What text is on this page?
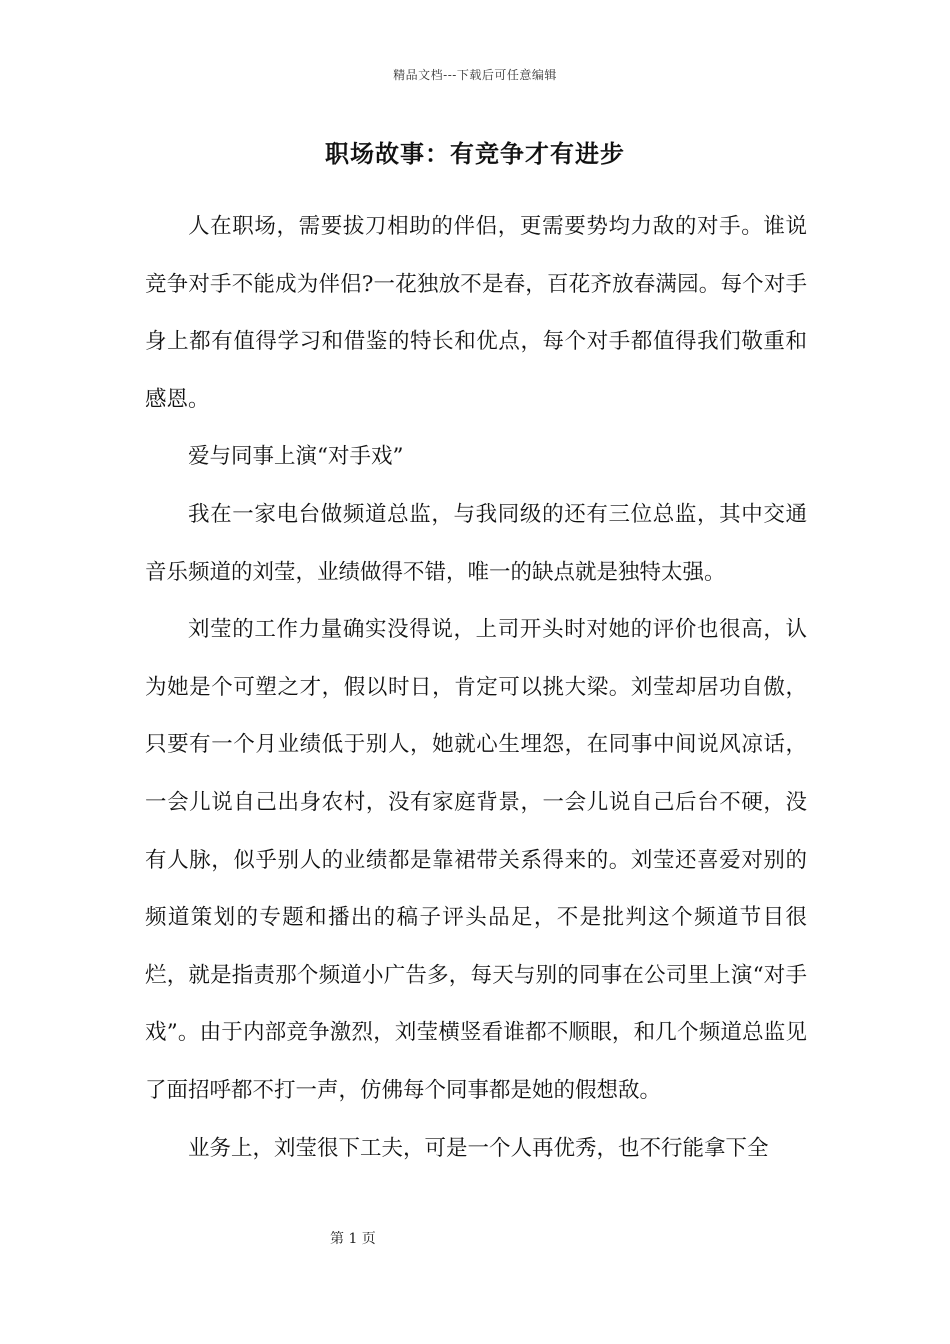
精品文档---下载后可任意编辑
职场故事：有竞争才有进步

人在职场，需要拔刀相助的伴侣，更需要势均力敌的对手。谁说竞争对手不能成为伴侣?一花独放不是春，百花齐放春满园。每个对手身上都有值得学习和借鉴的特长和优点，每个对手都值得我们敬重和感恩。

爱与同事上演“对手戏”

我在一家电台做频道总监，与我同级的还有三位总监，其中交通音乐频道的刘莹，业绩做得不错，唯一的缺点就是独特太强。

刘莹的工作力量确实没得说，上司开头时对她的评价也很高，认为她是个可塑之才，假以时日，肯定可以挑大梁。刘莹却居功自傲，只要有一个月业绩低于别人，她就心生埋怨，在同事中间说风凉话，一会儿说自己出身农村，没有家庭背景，一会儿说自己后台不硬，没有人脉，似乎别人的业绩都是靠裙带关系得来的。刘莹还喜爱对别的频道策划的专题和播出的稿子评头品足，不是批判这个频道节目很烂，就是指责那个频道小广告多，每天与别的同事在公司里上演“对手戏”。由于内部竞争激烈，刘莹横竖看谁都不顺眼，和几个频道总监见了面招呼都不打一声，仿佛每个同事都是她的假想敌。

业务上，刘莹很下工夫，可是一个人再优秀，也不行能拿下全

第 1 页
